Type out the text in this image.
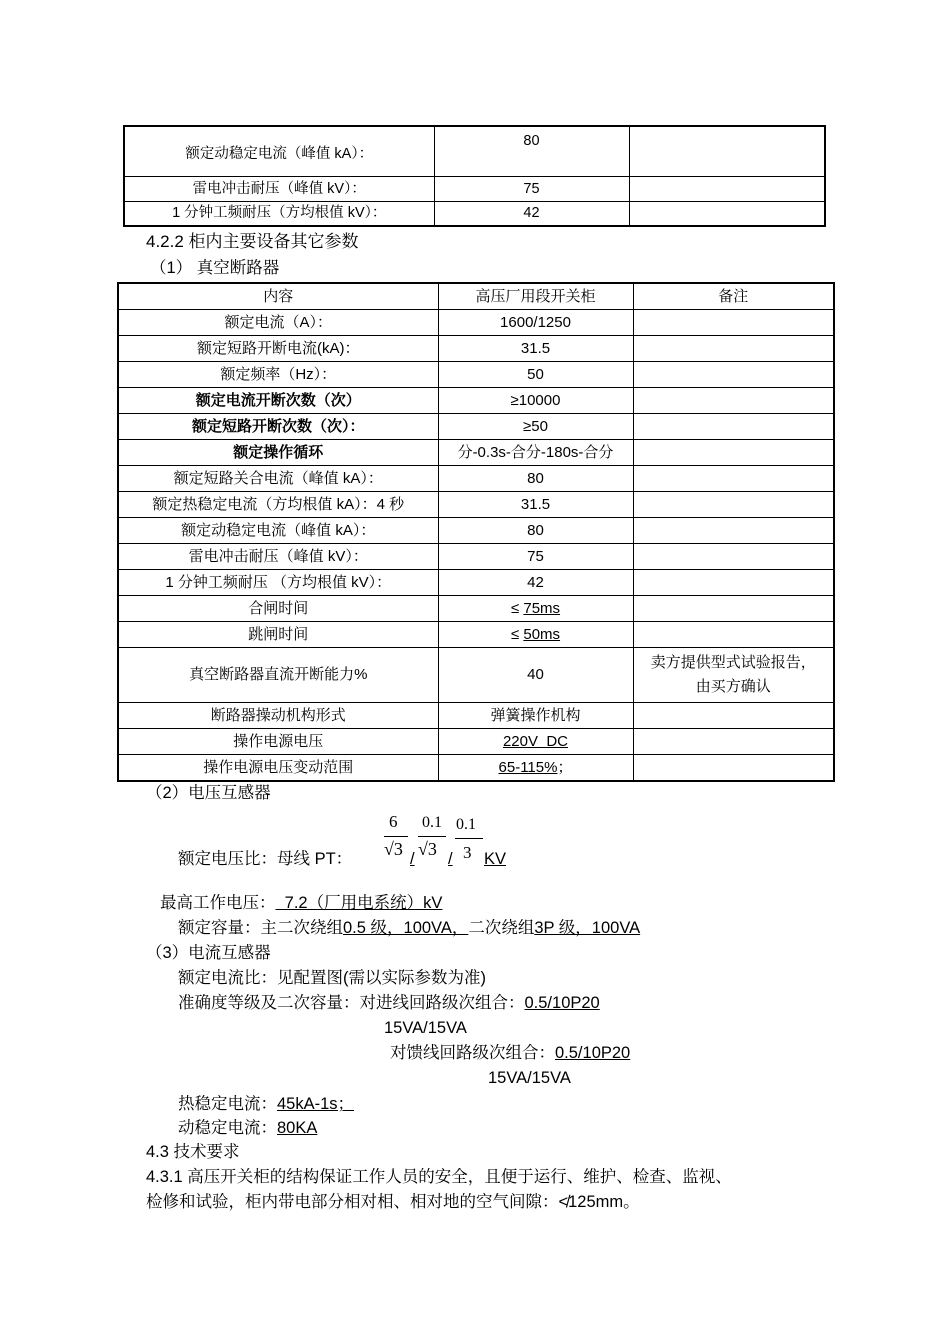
额定动稳定电流（峰值 kA）：	80	
雷电冲击耐压（峰值 kV）：	75	
1 分钟工频耐压（方均根值 kV）：	42	
4.2.2 柜内主要设备其它参数
（1） 真空断路器
内容	高压厂用段开关柜	备注
额定电流（A）：	1600/1250	
额定短路开断电流(kA)：	31.5	
额定频率（Hz）：	50	
额定电流开断次数（次）	≥10000	
额定短路开断次数（次）：	≥50	
额定操作循环	分-0.3s-合分-180s-合分	
额定短路关合电流（峰值 kA）：	80	
额定热稳定电流（方均根值 kA）：4 秒	31.5	
额定动稳定电流（峰值 kA）：	80	
雷电冲击耐压（峰值 kV）：	75	
1 分钟工频耐压 （方均根值 kV）：	42	
合闸时间	≤ 75ms	
跳闸时间	≤ 50ms	
真空断路器直流开断能力%	40	卖方提供型式试验报告，由买方确认
断路器操动机构形式	弹簧操作机构	
操作电源电压	220V  DC	
操作电源电压变动范围	65-115%；	
（2）电压互感器
额定电压比：母线 PT：
6
√3 /
0.1
√3 /
0.1
3 KV
最高工作电压：  7.2（厂用电系统）kV
额定容量：主二次绕组0.5 级，100VA，二次绕组3P 级，100VA
（3）电流互感器
额定电流比：见配置图(需以实际参数为准)
准确度等级及二次容量：对进线回路级次组合：0.5/10P20
15VA/15VA
对馈线回路级次组合：0.5/10P20
15VA/15VA
热稳定电流：45kA-1s；
动稳定电流：80KA
4.3 技术要求
4.3.1 高压开关柜的结构保证工作人员的安全，且便于运行、维护、检查、监视、
检修和试验，柜内带电部分相对相、相对地的空气间隙：≮125mm。
